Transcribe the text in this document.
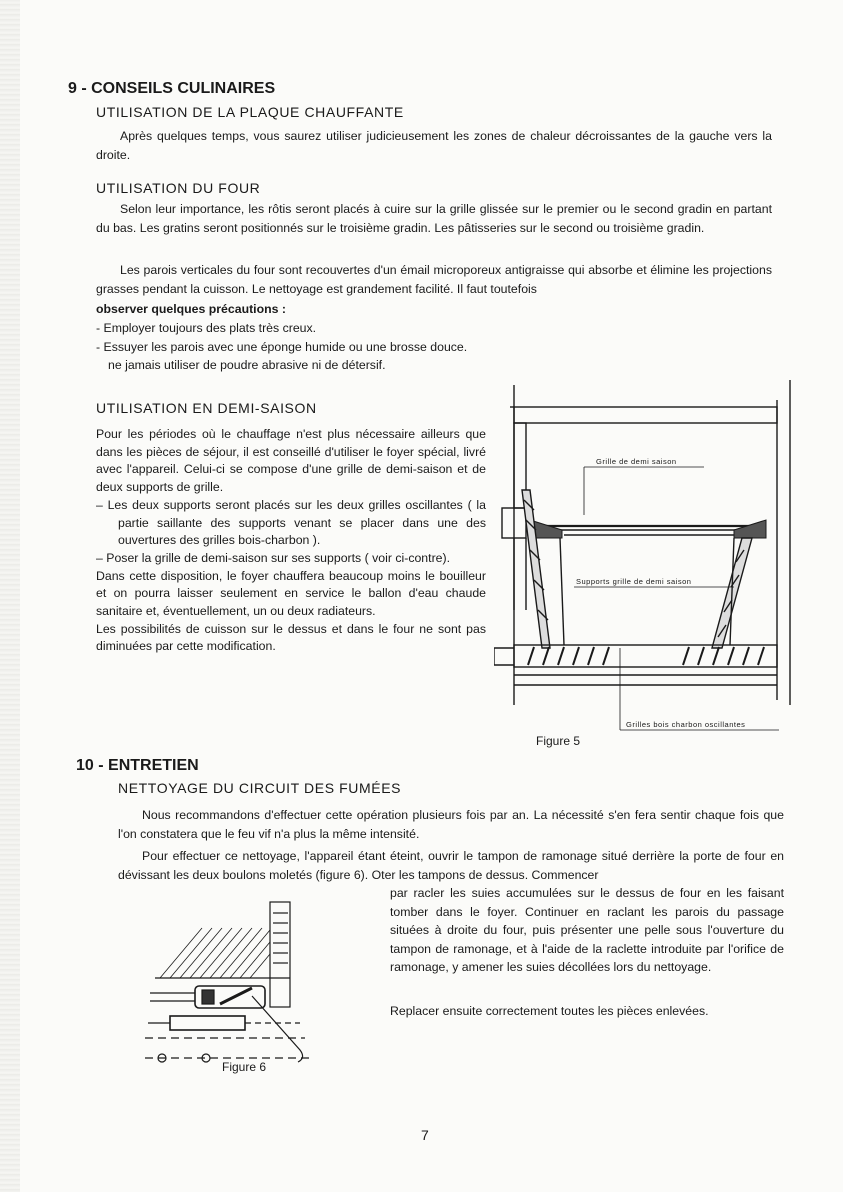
9 - CONSEILS CULINAIRES
UTILISATION DE LA PLAQUE CHAUFFANTE

Après quelques temps, vous saurez utiliser judicieusement les zones de chaleur décroissantes de la gauche vers la droite.

UTILISATION DU FOUR

Selon leur importance, les rôtis seront placés à cuire sur la grille glissée sur le premier ou le second gradin en partant du bas. Les gratins seront positionnés sur le troisième gradin. Les pâtisseries sur le second ou troisième gradin.

Les parois verticales du four sont recouvertes d'un émail microporeux antigraisse qui absorbe et élimine les projections grasses pendant la cuisson. Le nettoyage est grandement facilité. Il faut toutefois

observer quelques précautions :

- Employer toujours des plats très creux.

- Essuyer les parois avec une éponge humide ou une brosse douce.

ne jamais utiliser de poudre abrasive ni de détersif.

UTILISATION EN DEMI-SAISON

Pour les périodes où le chauffage n'est plus nécessaire ailleurs que dans les pièces de séjour, il est conseillé d'utiliser le foyer spécial, livré avec l'appareil. Celui-ci se compose d'une grille de demi-saison et de deux supports de grille.

– Les deux supports seront placés sur les deux grilles oscillantes ( la partie saillante des supports venant se placer dans une des ouvertures des grilles bois-charbon ).

– Poser la grille de demi-saison sur ses supports ( voir ci-contre).

Dans cette disposition, le foyer chauffera beaucoup moins le bouilleur et on pourra laisser seulement en service le ballon d'eau chaude sanitaire et, éventuellement, un ou deux radiateurs.

Les possibilités de cuisson sur le dessus et dans le four ne sont pas diminuées par cette modification.

Grille de demi saison
Supports grille de demi saison
Grilles bois charbon oscillantes
Figure 5
10 - ENTRETIEN
NETTOYAGE DU CIRCUIT DES FUMÉES

Nous recommandons d'effectuer cette opération plusieurs fois par an. La nécessité s'en fera sentir chaque fois que l'on constatera que le feu vif n'a plus la même intensité.

Pour effectuer ce nettoyage, l'appareil étant éteint, ouvrir le tampon de ramonage situé derrière la porte de four en dévissant les deux boulons moletés (figure 6). Oter les tampons de dessus. Commencer

par racler les suies accumulées sur le dessus de four en les faisant tomber dans le foyer. Continuer en raclant les parois du passage situées à droite du four, puis présenter une pelle sous l'ouverture du tampon de ramonage, et à l'aide de la raclette introduite par l'orifice de ramonage, y amener les suies décollées lors du nettoyage.

Replacer ensuite correctement toutes les pièces enlevées.

Figure 6
7
